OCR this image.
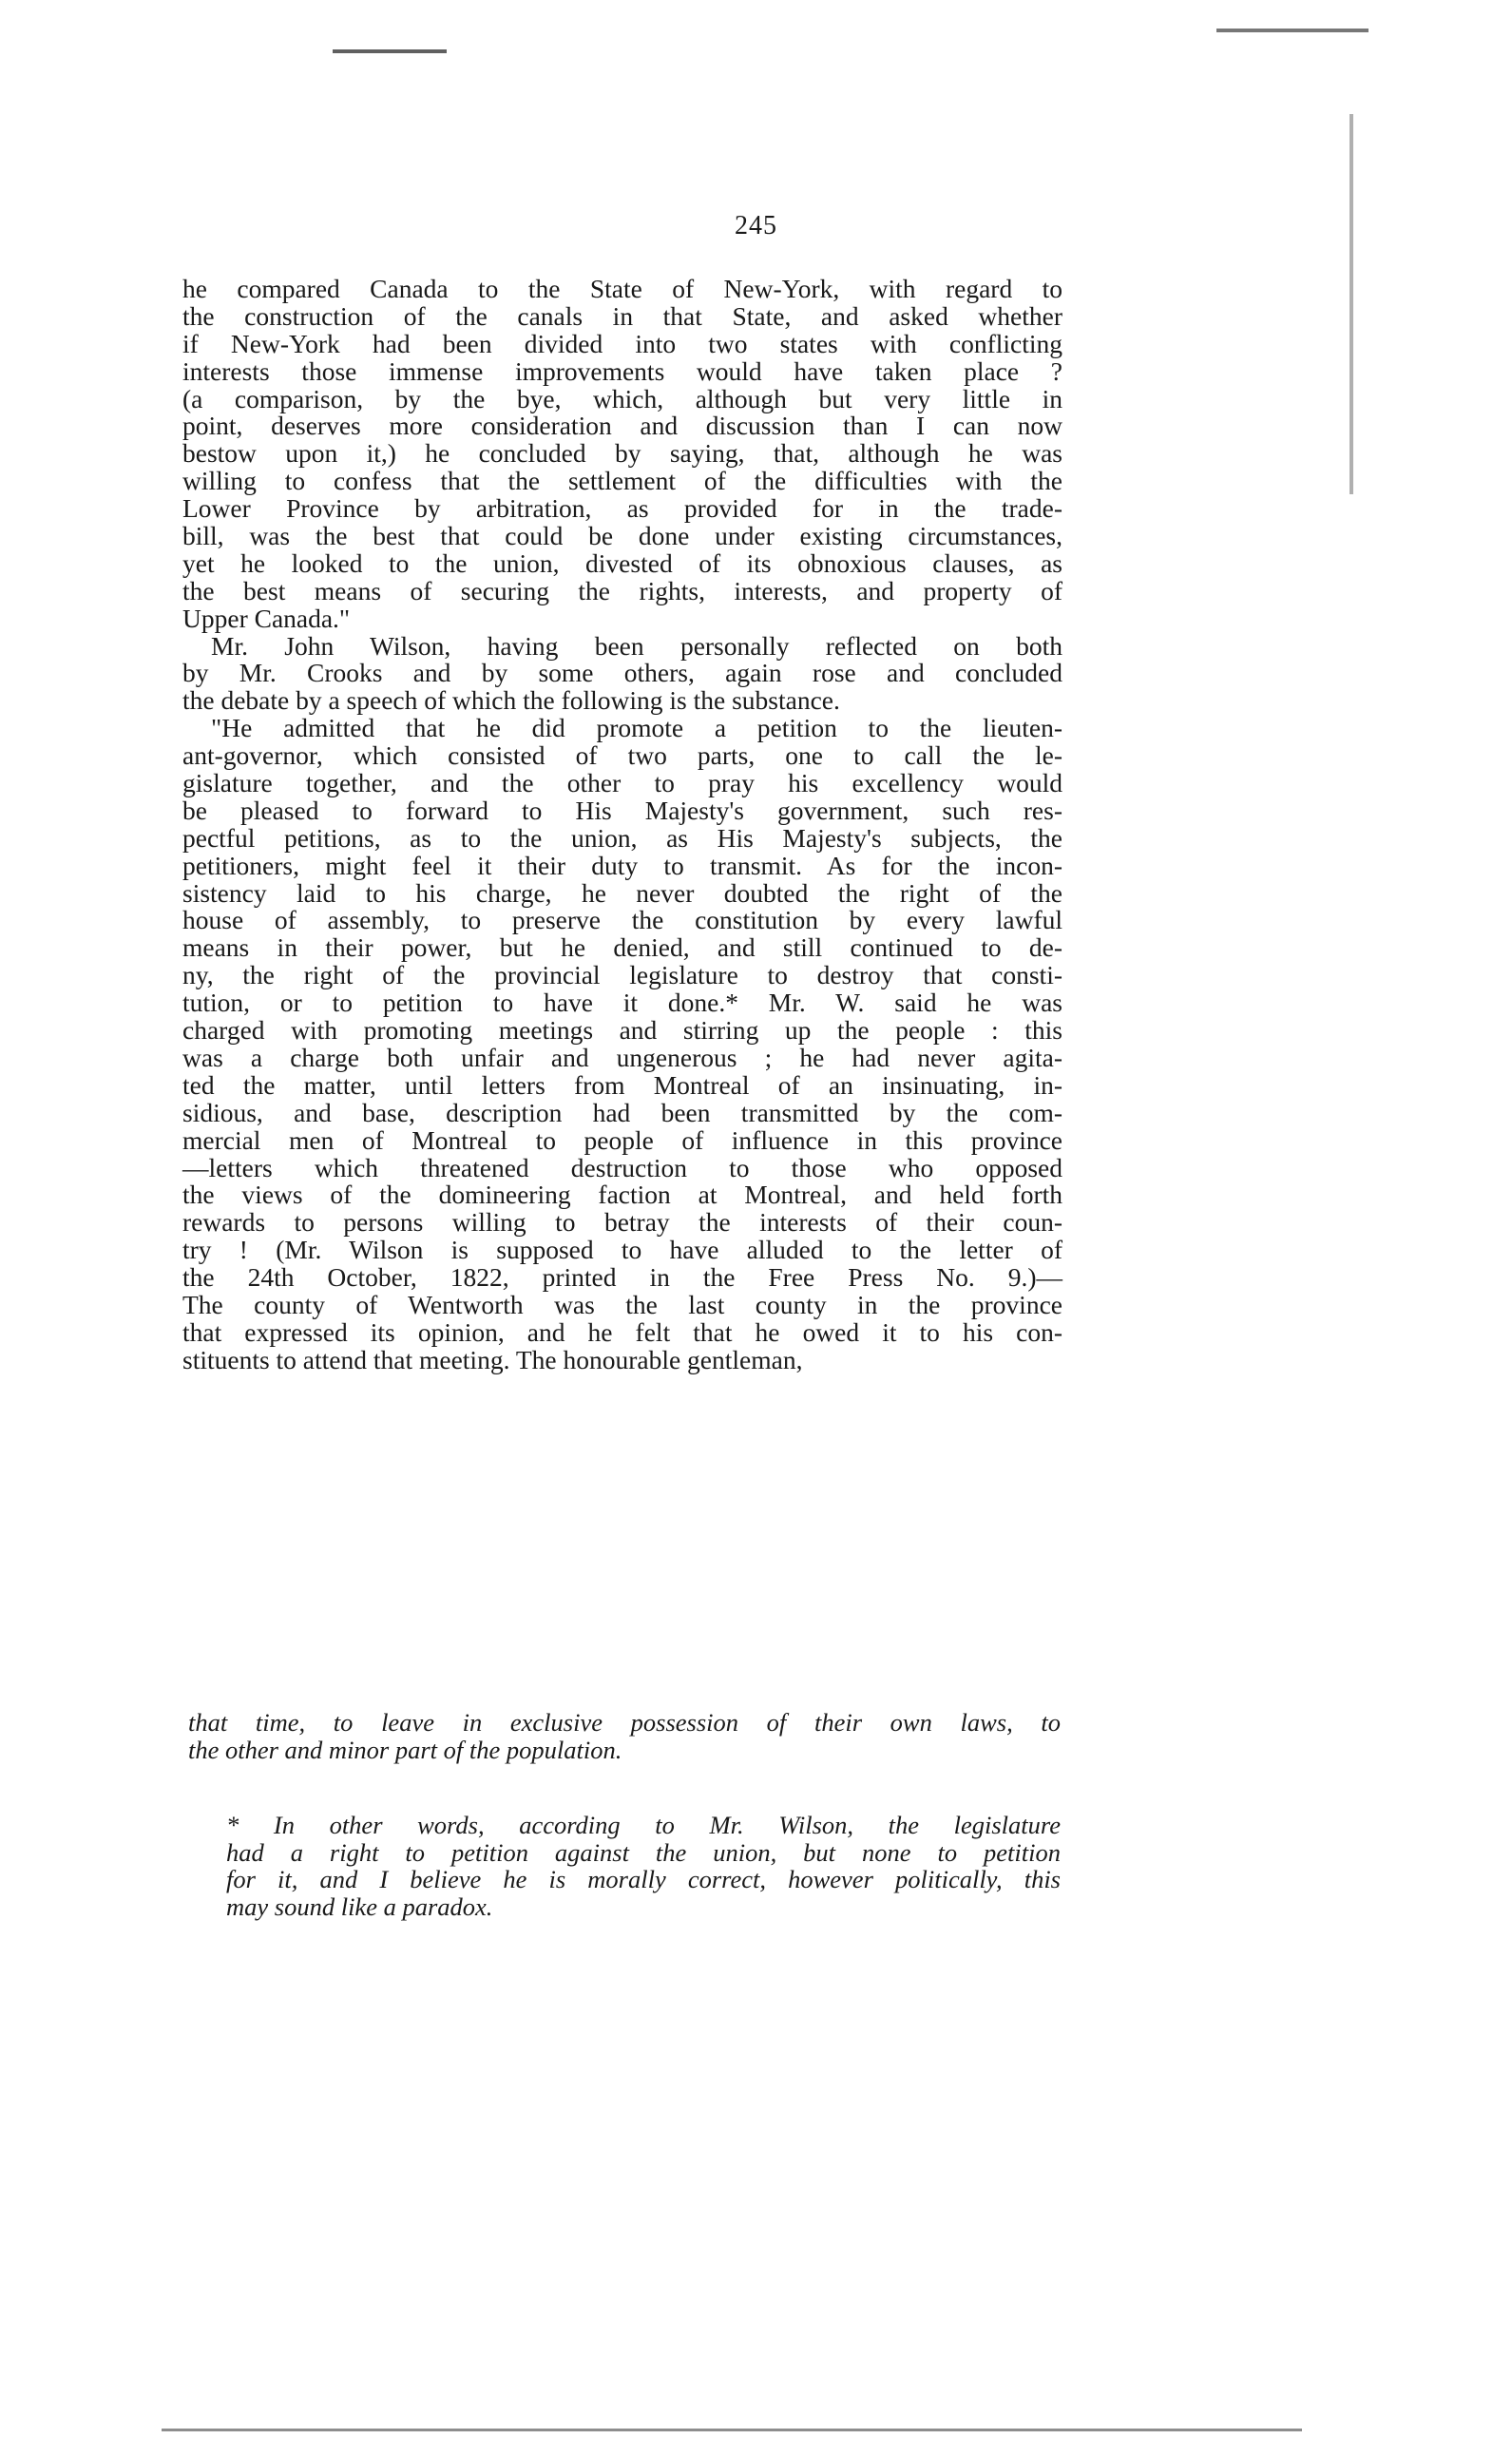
245
he compared Canada to the State of New-York, with regard to
the construction of the canals in that State, and asked whether
if New-York had been divided into two states with conflicting
interests those immense improvements would have taken place ?
(a comparison, by the bye, which, although but very little in
point, deserves more consideration and discussion than I can now
bestow upon it,) he concluded by saying, that, although he was
willing to confess that the settlement of the difficulties with the
Lower Province by arbitration, as provided for in the trade-
bill, was the best that could be done under existing circumstances,
yet he looked to the union, divested of its obnoxious clauses, as
the best means of securing the rights, interests, and property of
Upper Canada."
Mr. John Wilson, having been personally reflected on both
by Mr. Crooks and by some others, again rose and concluded
the debate by a speech of which the following is the substance.
"He admitted that he did promote a petition to the lieuten-
ant-governor, which consisted of two parts, one to call the le-
gislature together, and the other to pray his excellency would
be pleased to forward to His Majesty's government, such res-
pectful petitions, as to the union, as His Majesty's subjects, the
petitioners, might feel it their duty to transmit. As for the incon-
sistency laid to his charge, he never doubted the right of the
house of assembly, to preserve the constitution by every lawful
means in their power, but he denied, and still continued to de-
ny, the right of the provincial legislature to destroy that consti-
tution, or to petition to have it done.* Mr. W. said he was
charged with promoting meetings and stirring up the people : this
was a charge both unfair and ungenerous ; he had never agita-
ted the matter, until letters from Montreal of an insinuating, in-
sidious, and base, description had been transmitted by the com-
mercial men of Montreal to people of influence in this province
—letters which threatened destruction to those who opposed
the views of the domineering faction at Montreal, and held forth
rewards to persons willing to betray the interests of their coun-
try ! (Mr. Wilson is supposed to have alluded to the letter of
the 24th October, 1822, printed in the Free Press No. 9.)—
The county of Wentworth was the last county in the province
that expressed its opinion, and he felt that he owed it to his con-
stituents to attend that meeting. The honourable gentleman,
that time, to leave in exclusive possession of their own laws, to
the other and minor part of the population.
* In other words, according to Mr. Wilson, the legislature
had a right to petition against the union, but none to petition
for it, and I believe he is morally correct, however politically, this
may sound like a paradox.
